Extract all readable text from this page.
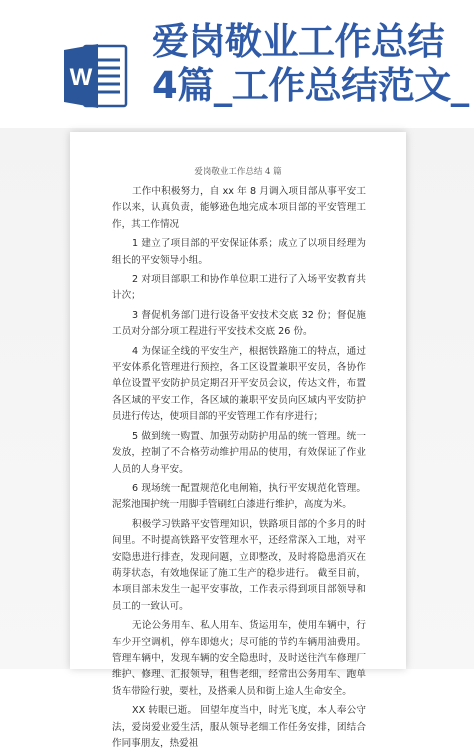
W
爱岗敬业工作总结
4篇_工作总结范文_
爱岗敬业工作总结 4 篇

工作中积极努力，自 xx 年 8 月调入项目部从事平安工作以来，认真负责，能够逊色地完成本项目部的平安管理工作，其工作情况

1 建立了项目部的平安保证体系；成立了以项目经理为组长的平安领导小组。

2 对项目部职工和协作单位职工进行了入场平安教育共计次；

3 督促机务部门进行设备平安技术交底 32 份；督促施工员对分部分项工程进行平安技术交底 26 份。

4 为保证全线的平安生产，根据铁路施工的特点，通过平安体系化管理进行预控，各工区设置兼职平安员，各协作单位设置平安防护员定期召开平安员会议，传达文件，布置各区域的平安工作，各区域的兼职平安员向区域内平安防护员进行传达，使项目部的平安管理工作有序进行；

5 做到统一购置、加强劳动防护用品的统一管理。统一发放，控制了不合格劳动维护用品的使用，有效保证了作业人员的人身平安。

6 现场统一配置规范化电闸箱，执行平安规范化管理。 泥浆池围护统一用脚手管刷红白漆进行维护，高度为米。

积极学习铁路平安管理知识，铁路项目部的个多月的时间里。不时提高铁路平安管理水平，还经常深入工地，对平安隐患进行排查，发现问题，立即整改，及时将隐患消灭在萌芽状态，有效地保证了施工生产的稳步进行。 截至目前，本项目部未发生一起平安事故，工作表示得到项目部领导和员工的一致认可。

无论公务用车、私人用车、货运用车，使用车辆中，行车少开空调机，停车即熄火；尽可能的节约车辆用油费用。管理车辆中，发现车辆的安全隐患时，及时送往汽车修理厂维护、修理、汇报领导，租售老细，经常出公务用车、跑单货车带险行驶，要杜，及搭乘人员和街上途人生命安全。

XX 转眼已逝。 回望年度当中，时光飞度，本人奉公守法，爱岗爱业爱生活，服从领导老细工作任务安排，团结合作同事朋友，热爱祖
